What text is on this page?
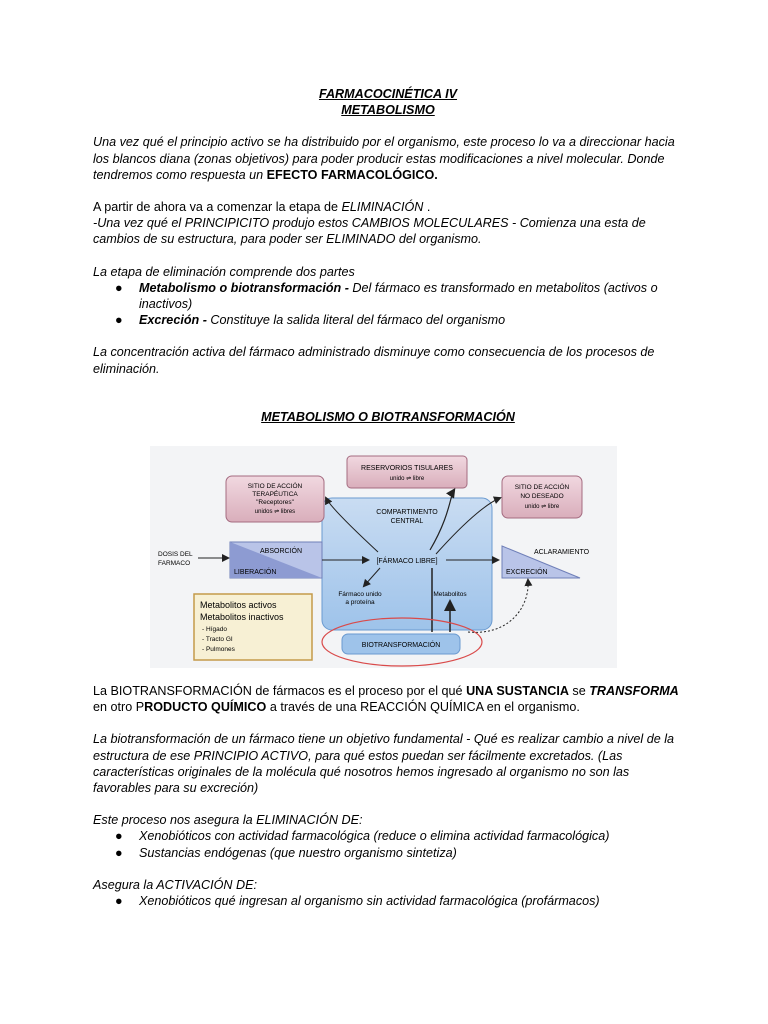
FARMACOCINÉTICA IV

METABOLISMO

Una vez qué el principio activo se ha distribuido por el organismo, este proceso lo va a direccionar hacia los blancos diana (zonas objetivos) para poder producir estas modificaciones a nivel molecular. Donde tendremos como respuesta un EFECTO FARMACOLÓGICO.

A partir de ahora va a comenzar la etapa de ELIMINACIÓN .

-Una vez qué el PRINCIPICITO produjo estos CAMBIOS MOLECULARES - Comienza una esta de cambios de su estructura, para poder ser ELIMINADO del organismo.

La etapa de eliminación comprende dos partes

● Metabolismo o biotransformación - Del fármaco es transformado en metabolitos (activos o inactivos)
● Excreción - Constituye la salida literal del fármaco del organismo

La concentración activa del fármaco administrado disminuye como consecuencia de los procesos de eliminación.

METABOLISMO O BIOTRANSFORMACIÓN

La BIOTRANSFORMACIÓN de fármacos es el proceso por el qué UNA SUSTANCIA se TRANSFORMA en otro PRODUCTO QUÍMICO a través de una REACCIÓN QUÍMICA en el organismo.

La biotransformación de un fármaco tiene un objetivo fundamental - Qué es realizar cambio a nivel de la estructura de ese PRINCIPIO ACTIVO, para qué estos puedan ser fácilmente excretados. (Las características originales de la molécula qué nosotros hemos ingresado al organismo no son las favorables para su excreción)

Este proceso nos asegura la ELIMINACIÓN DE:

● Xenobióticos con actividad farmacológica (reduce o elimina actividad farmacológica)
● Sustancias endógenas (que nuestro organismo sintetiza)

Asegura la ACTIVACIÓN DE:

● Xenobióticos qué ingresan al organismo sin actividad farmacológica (profármacos)
COMPARTIMENTO
CENTRAL
RESERVORIOS TISULARES
unido ⇌ libre
SITIO DE ACCIÓN
TERAPÉUTICA
"Receptores"
unidos ⇌ libres
SITIO DE ACCIÓN
NO DESEADO
unido ⇌ libre
DOSIS DEL
FARMACO
ABSORCIÓN
LIBERACIÓN
[FÁRMACO LIBRE]
ACLARAMIENTO
EXCRECIÓN
Fármaco unido
a proteína
Metabolitos
Metabolitos activos
Metabolitos inactivos
- Hígado
- Tracto GI
- Pulmones
BIOTRANSFORMACIÓN
